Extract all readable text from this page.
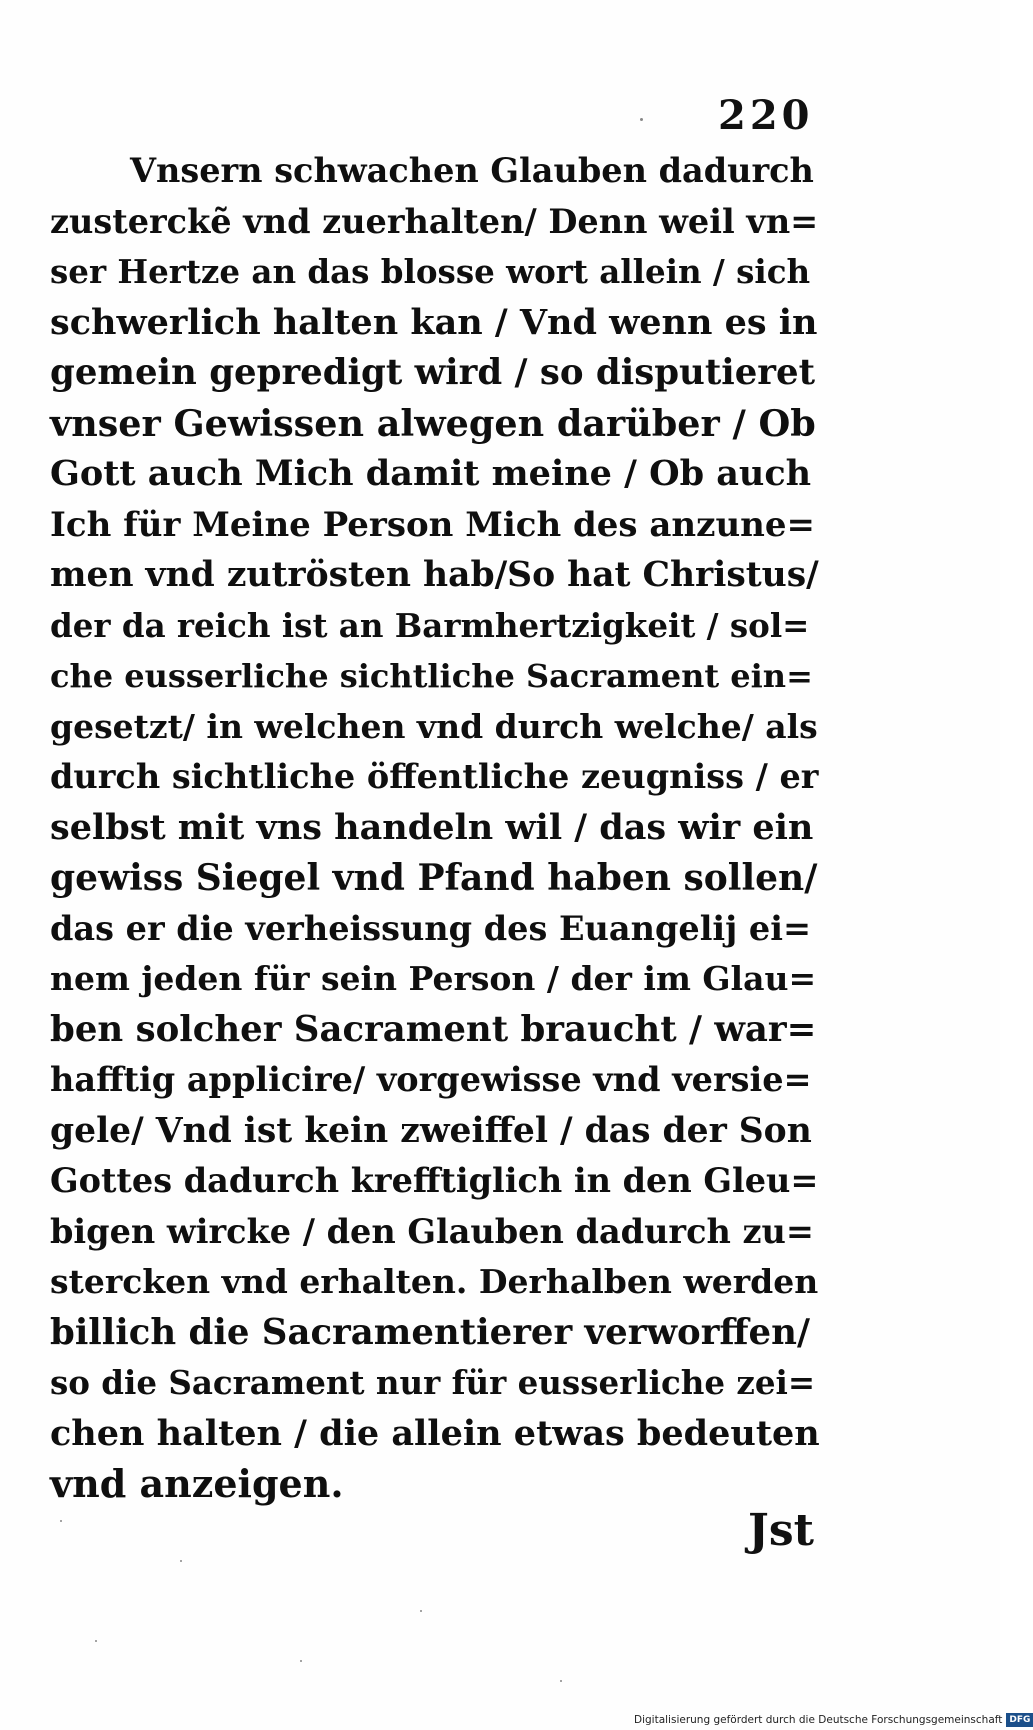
220
Vnsern schwachen Glauben dadurch
zusterckẽ vnd zuerhalten/ Denn weil vn=
ser Hertze an das blosse wort allein / sich
schwerlich halten kan / Vnd wenn es in
gemein gepredigt wird / so disputieret
vnser Gewissen alwegen darüber / Ob
Gott auch Mich damit meine / Ob auch
Ich für Meine Person Mich des anzune=
men vnd zutrösten hab/So hat Christus/
der da reich ist an Barmhertzigkeit / sol=
che eusserliche sichtliche Sacrament ein=
gesetzt/ in welchen vnd durch welche/ als
durch sichtliche öffentliche zeugniss / er
selbst mit vns handeln wil / das wir ein
gewiss Siegel vnd Pfand haben sollen/
das er die verheissung des Euangelij ei=
nem jeden für sein Person / der im Glau=
ben solcher Sacrament braucht / war=
hafftig applicire/ vorgewisse vnd versie=
gele/ Vnd ist kein zweiffel / das der Son
Gottes dadurch krefftiglich in den Gleu=
bigen wircke / den Glauben dadurch zu=
stercken vnd erhalten. Derhalben werden
billich die Sacramentierer verworffen/
so die Sacrament nur für eusserliche zei=
chen halten / die allein etwas bedeuten
vnd anzeigen.
Jst
Digitalisierung gefördert durch die Deutsche Forschungsgemeinschaft DFG
